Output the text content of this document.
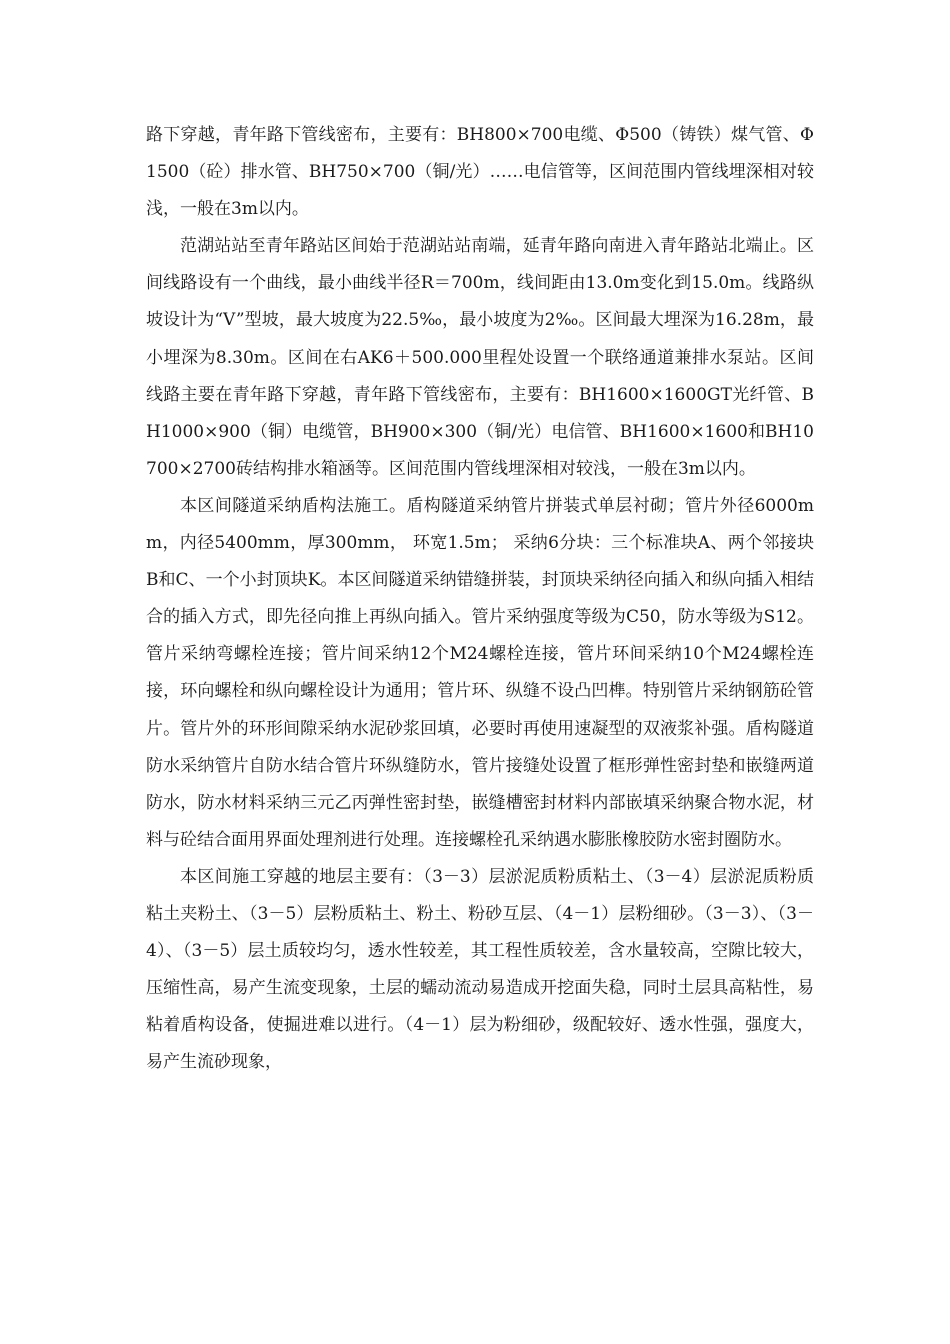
路下穿越，青年路下管线密布，主要有：BH800×700电缆、Φ500（铸铁）煤气管、Φ1500（砼）排水管、BH750×700（铜/光）……电信管等，区间范围内管线埋深相对较浅，一般在3m以内。

范湖站站至青年路站区间始于范湖站站南端，延青年路向南进入青年路站北端止。区间线路设有一个曲线，最小曲线半径R＝700m，线间距由13.0m变化到15.0m。线路纵坡设计为“V”型坡，最大坡度为22.5‰，最小坡度为2‰。区间最大埋深为16.28m，最小埋深为8.30m。区间在右AK6＋500.000里程处设置一个联络通道兼排水泵站。区间线路主要在青年路下穿越，青年路下管线密布，主要有：BH1600×1600GT光纤管、BH1000×900（铜）电缆管，BH900×300（铜/光）电信管、BH1600×1600和BH10700×2700砖结构排水箱涵等。区间范围内管线埋深相对较浅，一般在3m以内。

本区间隧道采纳盾构法施工。盾构隧道采纳管片拼装式单层衬砌；管片外径6000mm，内径5400mm，厚300mm， 环宽1.5m； 采纳6分块：三个标准块A、两个邻接块B和C、一个小封顶块K。本区间隧道采纳错缝拼装，封顶块采纳径向插入和纵向插入相结合的插入方式，即先径向推上再纵向插入。管片采纳强度等级为C50，防水等级为S12。管片采纳弯螺栓连接；管片间采纳12个M24螺栓连接，管片环间采纳10个M24螺栓连接，环向螺栓和纵向螺栓设计为通用；管片环、纵缝不设凸凹榫。特别管片采纳钢筋砼管片。管片外的环形间隙采纳水泥砂浆回填，必要时再使用速凝型的双液浆补强。盾构隧道防水采纳管片自防水结合管片环纵缝防水，管片接缝处设置了框形弹性密封垫和嵌缝两道防水，防水材料采纳三元乙丙弹性密封垫，嵌缝槽密封材料内部嵌填采纳聚合物水泥，材料与砼结合面用界面处理剂进行处理。连接螺栓孔采纳遇水膨胀橡胶防水密封圈防水。

本区间施工穿越的地层主要有：（3－3）层淤泥质粉质粘土、（3－4）层淤泥质粉质粘土夹粉土、（3－5）层粉质粘土、粉土、粉砂互层、（4－1）层粉细砂。（3－3）、（3－4）、（3－5）层土质较均匀，透水性较差，其工程性质较差，含水量较高，空隙比较大，压缩性高，易产生流变现象，土层的蠕动流动易造成开挖面失稳，同时土层具高粘性，易粘着盾构设备，使掘进难以进行。（4－1）层为粉细砂，级配较好、透水性强，强度大，易产生流砂现象，
